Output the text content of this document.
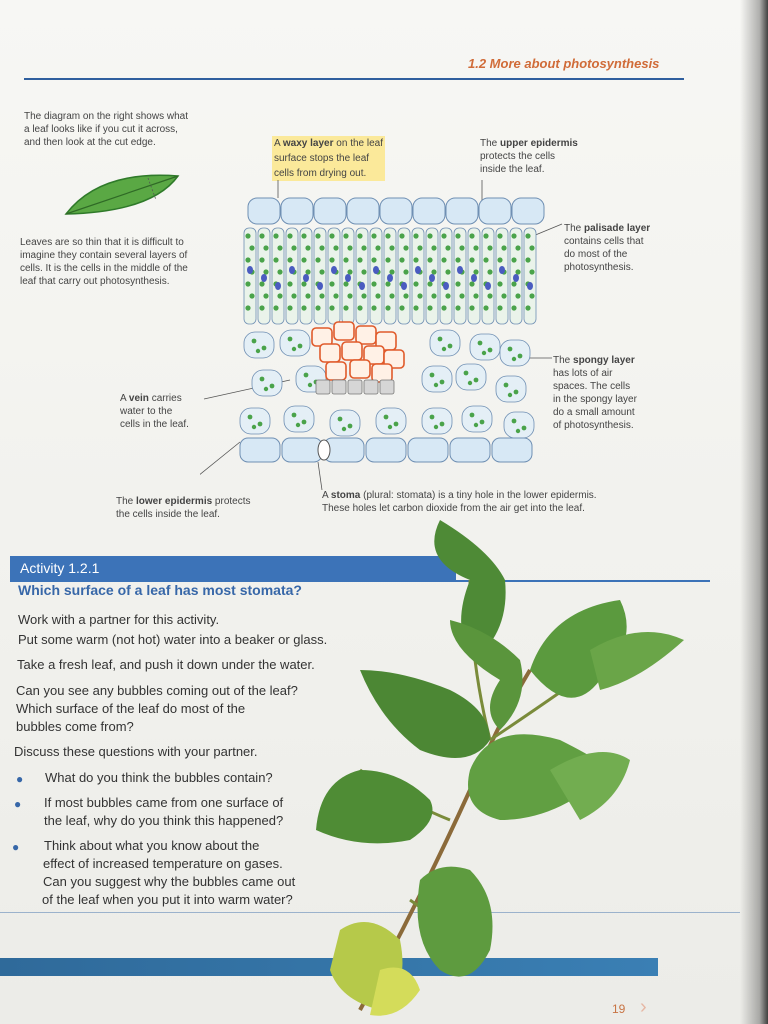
1.2 More about photosynthesis
The diagram on the right shows what
a leaf looks like if you cut it across,
and then look at the cut edge.
Leaves are so thin that it is difficult to
imagine they contain several layers of
cells. It is the cells in the middle of the
leaf that carry out photosynthesis.
A waxy layer on the leaf
surface stops the leaf
cells from drying out.
The upper epidermis
protects the cells
inside the leaf.
The palisade layer
contains cells that
do most of the
photosynthesis.
The spongy layer
has lots of air
spaces. The cells
in the spongy layer
do a small amount
of photosynthesis.
A vein carries
water to the
cells in the leaf.
The lower epidermis protects
the cells inside the leaf.
A stoma (plural: stomata) is a tiny hole in the lower epidermis.
These holes let carbon dioxide from the air get into the leaf.
Activity 1.2.1
Which surface of a leaf has most stomata?
Work with a partner for this activity.
Put some warm (not hot) water into a beaker or glass.
Take a fresh leaf, and push it down under the water.
Can you see any bubbles coming out of the leaf?
Which surface of the leaf do most of the
bubbles come from?
Discuss these questions with your partner.
● What do you think the bubbles contain?
● If most bubbles came from one surface of
the leaf, why do you think this happened?
● Think about what you know about the
effect of increased temperature on gases.
Can you suggest why the bubbles came out
of the leaf when you put it into warm water?
19 ›
